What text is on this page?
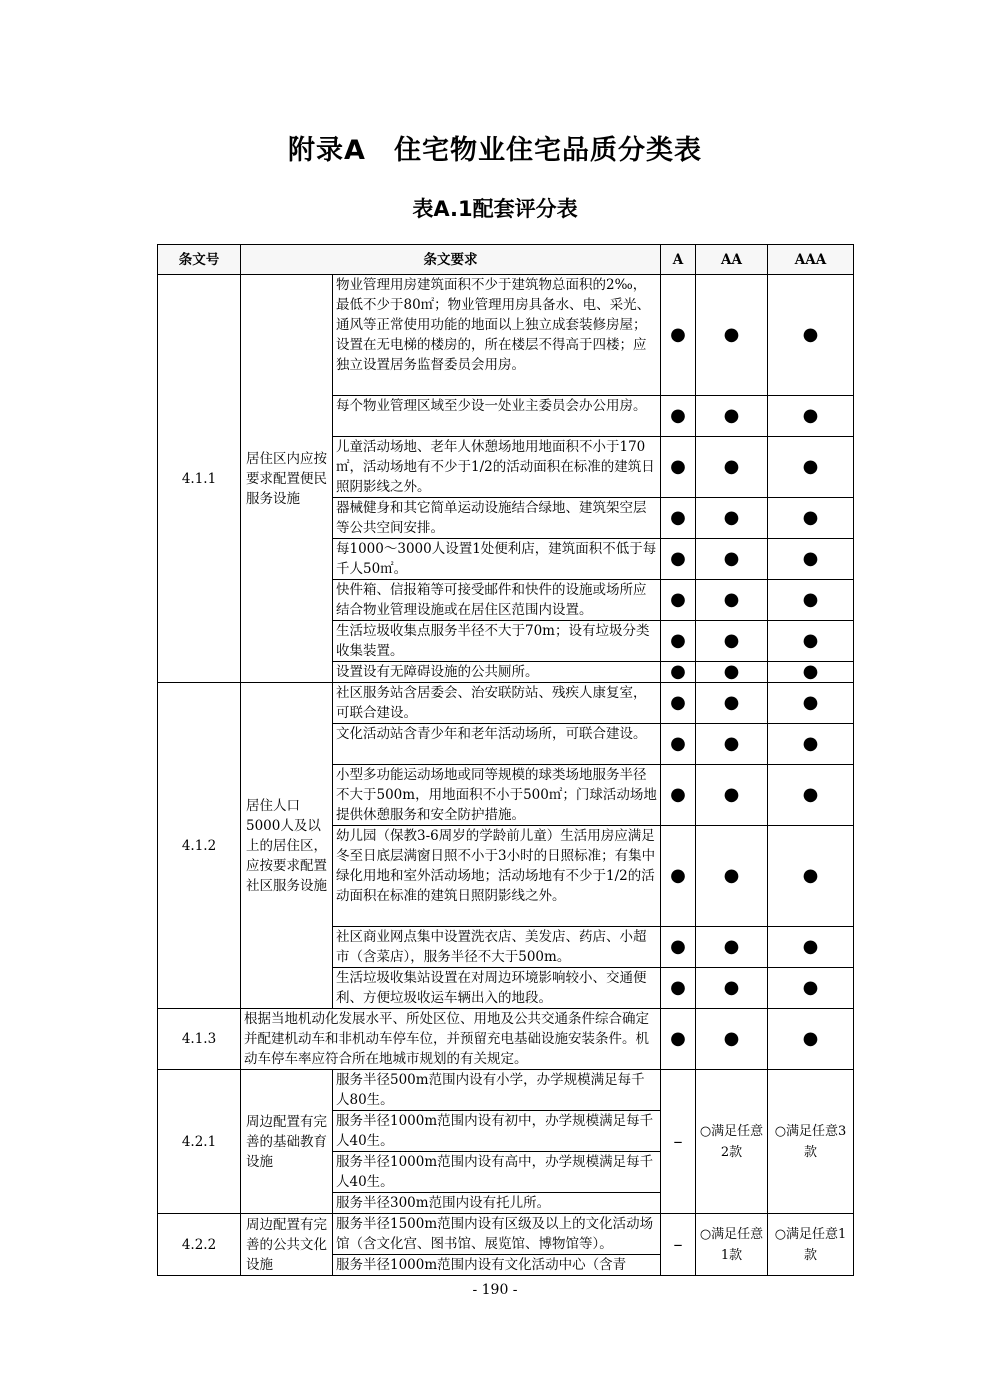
附录A　住宅物业住宅品质分类表
表A.1配套评分表
条文号	条文要求		A	AA	AAA
4.1.1	居住区内应按要求配置便民服务设施	物业管理用房建筑面积不少于建筑物总面积的2‰，最低不少于80㎡；物业管理用房具备水、电、采光、通风等正常使用功能的地面以上独立成套装修房屋；设置在无电梯的楼房的，所在楼层不得高于四楼；应独立设置居务监督委员会用房。	●	●	●
		每个物业管理区域至少设一处业主委员会办公用房。	●	●	●
		儿童活动场地、老年人休憩场地用地面积不小于170㎡，活动场地有不少于1/2的活动面积在标准的建筑日照阴影线之外。	●	●	●
		器械健身和其它简单运动设施结合绿地、建筑架空层等公共空间安排。	●	●	●
		每1000～3000人设置1处便利店，建筑面积不低于每千人50㎡。	●	●	●
		快件箱、信报箱等可接受邮件和快件的设施或场所应结合物业管理设施或在居住区范围内设置。	●	●	●
		生活垃圾收集点服务半径不大于70m；设有垃圾分类收集装置。	●	●	●
		设置设有无障碍设施的公共厕所。	●	●	●
4.1.2	居住人口5000人及以上的居住区，应按要求配置社区服务设施	社区服务站含居委会、治安联防站、残疾人康复室，可联合建设。	●	●	●
		文化活动站含青少年和老年活动场所，可联合建设。	●	●	●
		小型多功能运动场地或同等规模的球类场地服务半径不大于500m，用地面积不小于500㎡；门球活动场地提供休憩服务和安全防护措施。	●	●	●
		幼儿园（保教3-6周岁的学龄前儿童）生活用房应满足冬至日底层满窗日照不小于3小时的日照标准；有集中绿化用地和室外活动场地；活动场地有不少于1/2的活动面积在标准的建筑日照阴影线之外。	●	●	●
		社区商业网点集中设置洗衣店、美发店、药店、小超市（含菜店），服务半径不大于500m。	●	●	●
		生活垃圾收集站设置在对周边环境影响较小、交通便利、方便垃圾收运车辆出入的地段。	●	●	●
4.1.3	根据当地机动化发展水平、所处区位、用地及公共交通条件综合确定并配建机动车和非机动车停车位，并预留充电基础设施安装条件。机动车停车率应符合所在地城市规划的有关规定。		●	●	●
4.2.1	周边配置有完善的基础教育设施	服务半径500m范围内设有小学，办学规模满足每千人80生。	–	○满足任意2款	○满足任意3款
		服务半径1000m范围内设有初中，办学规模满足每千人40生。			
		服务半径1000m范围内设有高中，办学规模满足每千人40生。			
		服务半径300m范围内设有托儿所。			
4.2.2	周边配置有完善的公共文化设施	服务半径1500m范围内设有区级及以上的文化活动场馆（含文化宫、图书馆、展览馆、博物馆等）。	–	○满足任意1款	○满足任意1款
		服务半径1000m范围内设有文化活动中心（含青			
- 190 -
